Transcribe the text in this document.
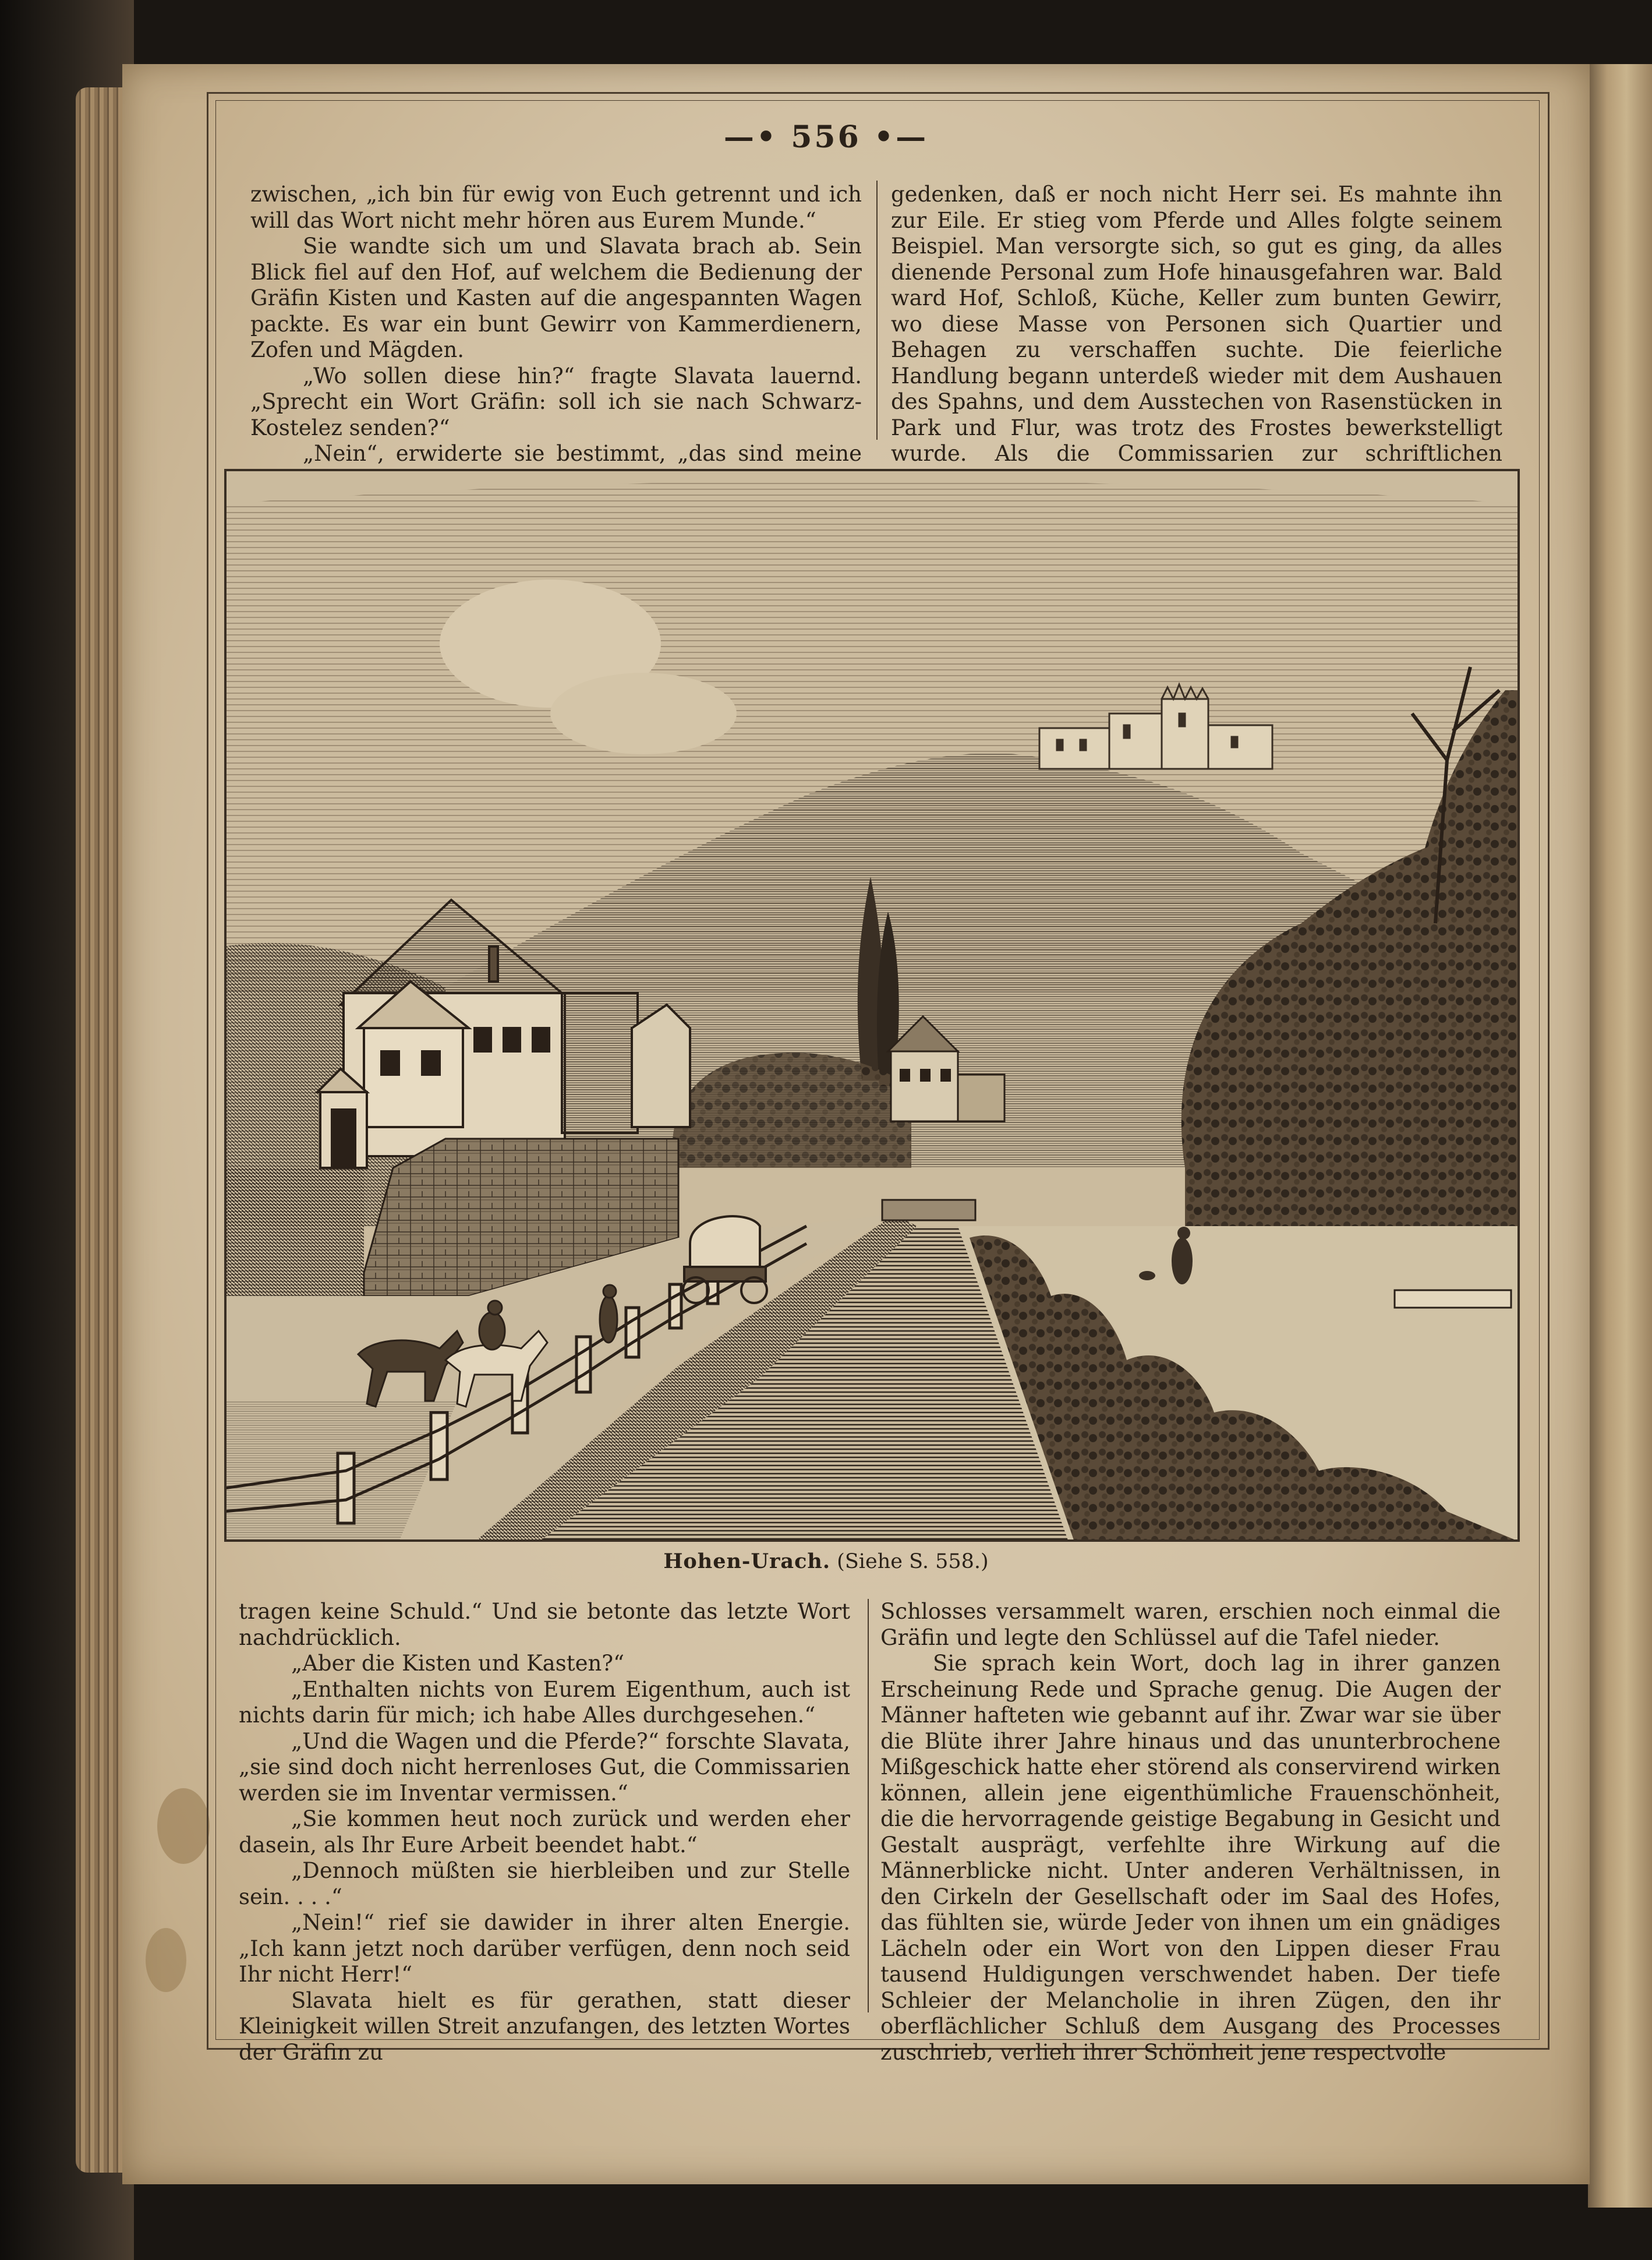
—• 556 •—

zwischen, „ich bin für ewig von Euch getrennt und ich will das Wort nicht mehr hören aus Eurem Munde.“

Sie wandte sich um und Slavata brach ab. Sein Blick fiel auf den Hof, auf welchem die Bedienung der Gräfin Kisten und Kasten auf die angespannten Wagen packte. Es war ein bunt Gewirr von Kammerdienern, Zofen und Mägden.

„Wo sollen diese hin?“ fragte Slavata lauernd. „Sprecht ein Wort Gräfin: soll ich sie nach Schwarz-Kostelez senden?“

„Nein“, erwiderte sie bestimmt, „das sind meine

gedenken, daß er noch nicht Herr sei. Es mahnte ihn zur Eile. Er stieg vom Pferde und Alles folgte seinem Beispiel. Man versorgte sich, so gut es ging, da alles dienende Personal zum Hofe hinausgefahren war. Bald ward Hof, Schloß, Küche, Keller zum bunten Gewirr, wo diese Masse von Personen sich Quartier und Behagen zu verschaffen suchte. Die feierliche Handlung begann unterdeß wieder mit dem Aushauen des Spahns, und dem Ausstechen von Rasenstücken in Park und Flur, was trotz des Frostes bewerkstelligt wurde. Als die Commissarien zur schriftlichen

Hohen-Urach. (Siehe S. 558.)

tragen keine Schuld.“ Und sie betonte das letzte Wort nachdrücklich.

„Aber die Kisten und Kasten?“

„Enthalten nichts von Eurem Eigenthum, auch ist nichts darin für mich; ich habe Alles durchgesehen.“

„Und die Wagen und die Pferde?“ forschte Slavata, „sie sind doch nicht herrenloses Gut, die Commissarien werden sie im Inventar vermissen.“

„Sie kommen heut noch zurück und werden eher dasein, als Ihr Eure Arbeit beendet habt.“

„Dennoch müßten sie hierbleiben und zur Stelle sein. . . .“

„Nein!“ rief sie dawider in ihrer alten Energie. „Ich kann jetzt noch darüber verfügen, denn noch seid Ihr nicht Herr!“

Slavata hielt es für gerathen, statt dieser Kleinigkeit willen Streit anzufangen, des letzten Wortes der Gräfin zu

Schlosses versammelt waren, erschien noch einmal die Gräfin und legte den Schlüssel auf die Tafel nieder.

Sie sprach kein Wort, doch lag in ihrer ganzen Erscheinung Rede und Sprache genug. Die Augen der Männer hafteten wie gebannt auf ihr. Zwar war sie über die Blüte ihrer Jahre hinaus und das ununterbrochene Mißgeschick hatte eher störend als conservirend wirken können, allein jene eigenthümliche Frauenschönheit, die die hervorragende geistige Begabung in Gesicht und Gestalt ausprägt, verfehlte ihre Wirkung auf die Männerblicke nicht. Unter anderen Verhältnissen, in den Cirkeln der Gesellschaft oder im Saal des Hofes, das fühlten sie, würde Jeder von ihnen um ein gnädiges Lächeln oder ein Wort von den Lippen dieser Frau tausend Huldigungen verschwendet haben. Der tiefe Schleier der Melancholie in ihren Zügen, den ihr oberflächlicher Schluß dem Ausgang des Processes zuschrieb, verlieh ihrer Schönheit jene respectvolle
